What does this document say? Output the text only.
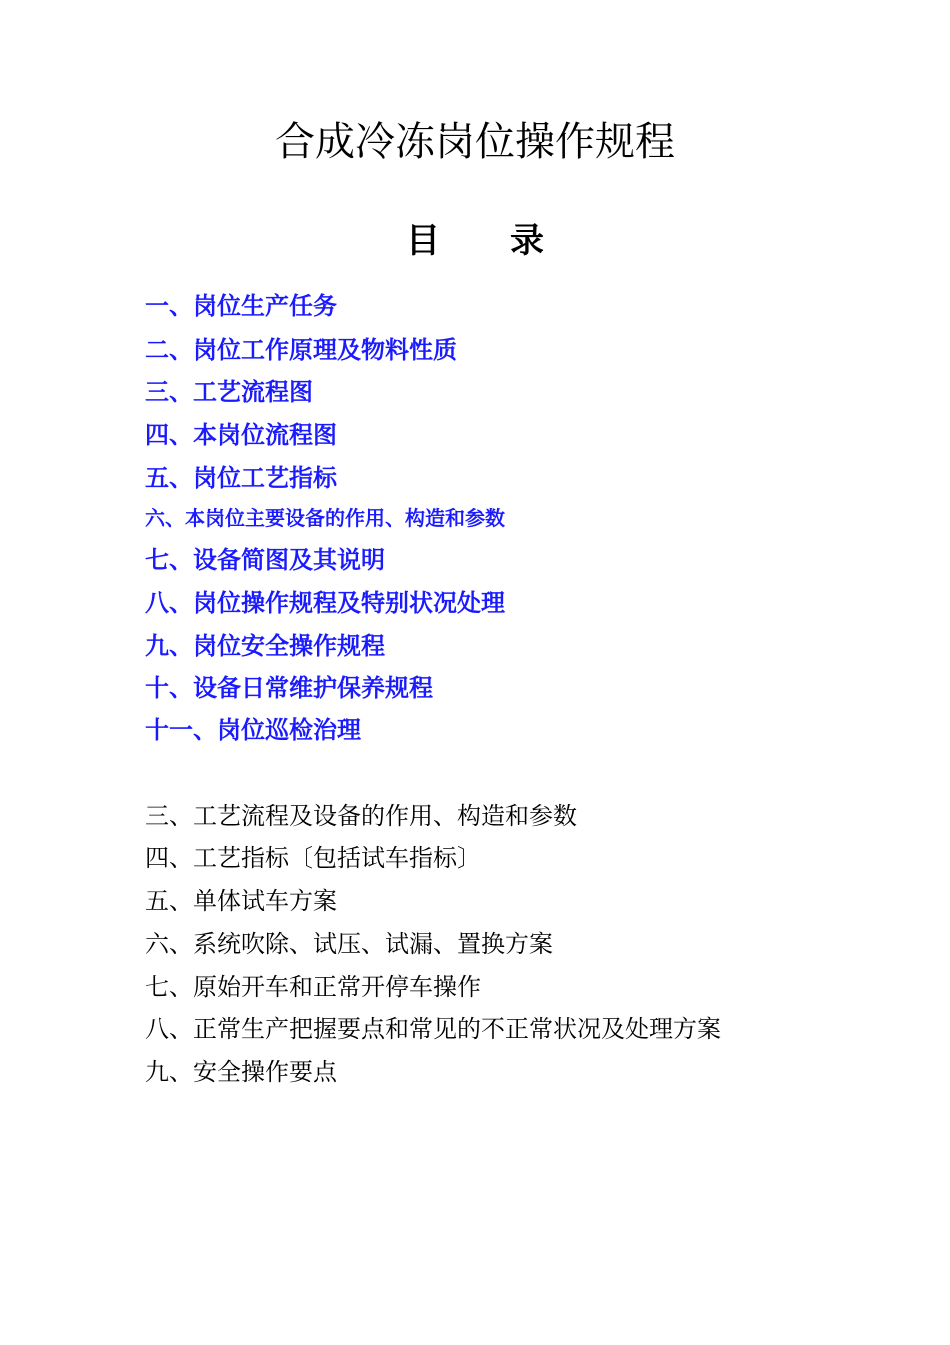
合成冷冻岗位操作规程
目 录
一、岗位生产任务
二、岗位工作原理及物料性质
三、工艺流程图
四、本岗位流程图
五、岗位工艺指标
六、本岗位主要设备的作用、构造和参数
七、设备简图及其说明
八、岗位操作规程及特别状况处理
九、岗位安全操作规程
十、设备日常维护保养规程
十一、岗位巡检治理
三、工艺流程及设备的作用、构造和参数
四、工艺指标〔包括试车指标〕
五、单体试车方案
六、系统吹除、试压、试漏、置换方案
七、原始开车和正常开停车操作
八、正常生产把握要点和常见的不正常状况及处理方案
九、安全操作要点
